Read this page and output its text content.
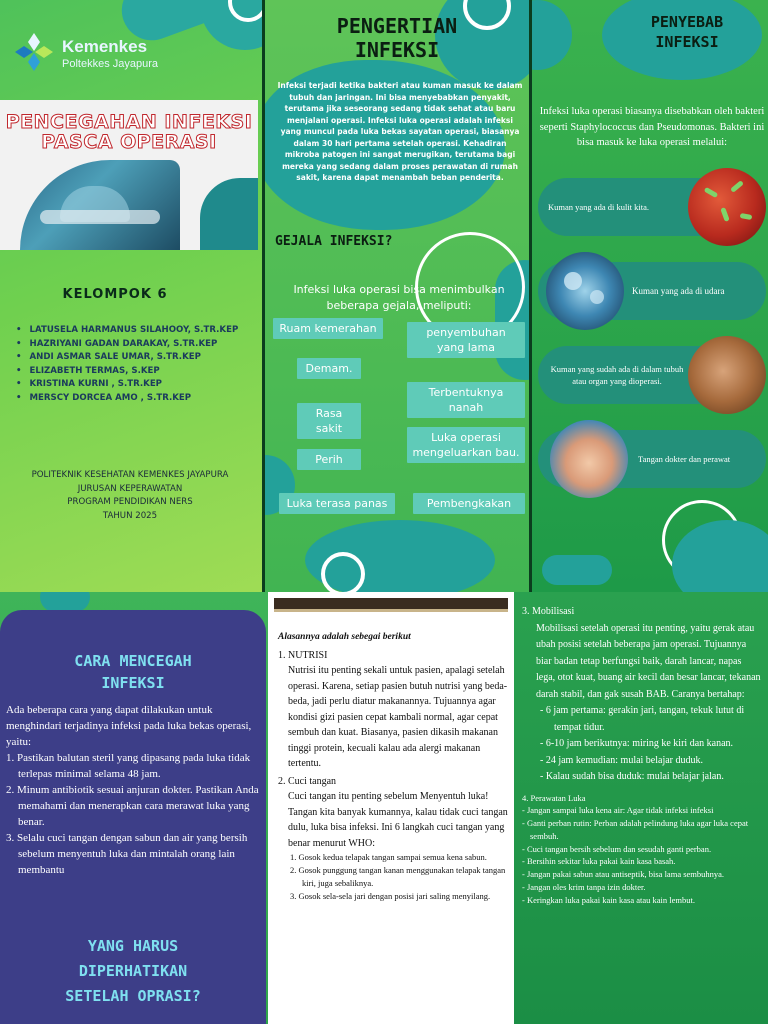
Kemenkes
Poltekkes Jayapura
PENCEGAHAN INFEKSI
PASCA OPERASI
KELOMPOK 6
• LATUSELA HARMANUS SILAHOOY, S.TR.KEP
• HAZRIYANI GADAN DARAKAY, S.TR.KEP
• ANDI ASMAR SALE UMAR, S.TR.KEP
• ELIZABETH TERMAS, S.KEP
• KRISTINA KURNI , S.TR.KEP
• MERSCY DORCEA AMO , S.TR.KEP
POLITEKNIK KESEHATAN KEMENKES JAYAPURA
JURUSAN KEPERAWATAN
PROGRAM PENDIDIKAN NERS
TAHUN 2025
PENGERTIAN
INFEKSI
Infeksi terjadi ketika bakteri atau kuman masuk ke dalam tubuh dan jaringan. Ini bisa menyebabkan penyakit, terutama jika seseorang sedang tidak sehat atau baru menjalani operasi. Infeksi luka operasi adalah infeksi yang muncul pada luka bekas sayatan operasi, biasanya dalam 30 hari pertama setelah operasi. Kehadiran mikroba patogen ini sangat merugikan, terutama bagi mereka yang sedang dalam proses perawatan di rumah sakit, karena dapat menambah beban penderita.
GEJALA INFEKSI?
Infeksi luka operasi bisa menimbulkan beberapa gejala, meliputi:
Ruam kemerahan	penyembuhan yang lama
Demam.
Terbentuknya nanah
Rasa sakit
Luka operasi mengeluarkan bau.
Perih
Luka terasa panas	Pembengkakan
PENYEBAB
INFEKSI
Infeksi luka operasi biasanya disebabkan oleh bakteri seperti Staphylococcus dan Pseudomonas. Bakteri ini bisa masuk ke luka operasi melalui:
Kuman yang ada di kulit kita.
Kuman yang ada di udara
Kuman yang sudah ada di dalam tubuh atau organ yang dioperasi.
Tangan dokter dan perawat
CARA MENCEGAH
INFEKSI

Ada beberapa cara yang dapat dilakukan untuk menghindari terjadinya infeksi pada luka bekas operasi, yaitu:

1. Pastikan balutan steril yang dipasang pada luka tidak terlepas minimal selama 48 jam.
2. Minum antibiotik sesuai anjuran dokter. Pastikan Anda memahami dan menerapkan cara merawat luka yang benar.
3. Selalu cuci tangan dengan sabun dan air yang bersih sebelum menyentuh luka dan mintalah orang lain membantu
YANG HARUS
DIPERHATIKAN
SETELAH OPRASI?
Alasannya adalah sebegai berikut
1. NUTRISI
Nutrisi itu penting sekali untuk pasien, apalagi setelah operasi. Karena, setiap pasien butuh nutrisi yang beda-beda, jadi perlu diatur makanannya. Tujuannya agar kondisi gizi pasien cepat kambali normal, agar cepat sembuh dan kuat. Biasanya, pasien dikasih makanan tinggi protein, kecuali kalau ada alergi makanan tertentu.
2. Cuci tangan
Cuci tangan itu penting sebelum Menyentuh luka! Tangan kita banyak kumannya, kalau tidak cuci tangan dulu, luka bisa infeksi. Ini 6 langkah cuci tangan yang benar menurut WHO:
1. Gosok kedua telapak tangan sampai semua kena sabun.
2. Gosok punggung tangan kanan menggunakan telapak tangan kiri, juga sebaliknya.
3. Gosok sela-sela jari dengan posisi jari saling menyilang.
3. Mobilisasi
Mobilisasi setelah operasi itu penting, yaitu gerak atau ubah posisi setelah beberapa jam operasi. Tujuannya biar badan tetap berfungsi baik, darah lancar, napas lega, otot kuat, buang air kecil dan besar lancar, tekanan darah stabil, dan gak susah BAB. Caranya bertahap:
- 6 jam pertama: gerakin jari, tangan, tekuk lutut di tempat tidur.
- 6-10 jam berikutnya: miring ke kiri dan kanan.
- 24 jam kemudian: mulai belajar duduk.
- Kalau sudah bisa duduk: mulai belajar jalan.
4. Perawatan Luka
- Jangan sampai luka kena air: Agar tidak infeksi infeksi
- Ganti perban rutin: Perban adalah pelindung luka agar luka cepat sembuh.
- Cuci tangan bersih sebelum dan sesudah ganti perban.
- Bersihin sekitar luka pakai kain kasa basah.
- Jangan pakai sabun atau antiseptik, bisa lama sembuhnya.
- Jangan oles krim tanpa izin dokter.
- Keringkan luka pakai kain kasa atau kain lembut.
